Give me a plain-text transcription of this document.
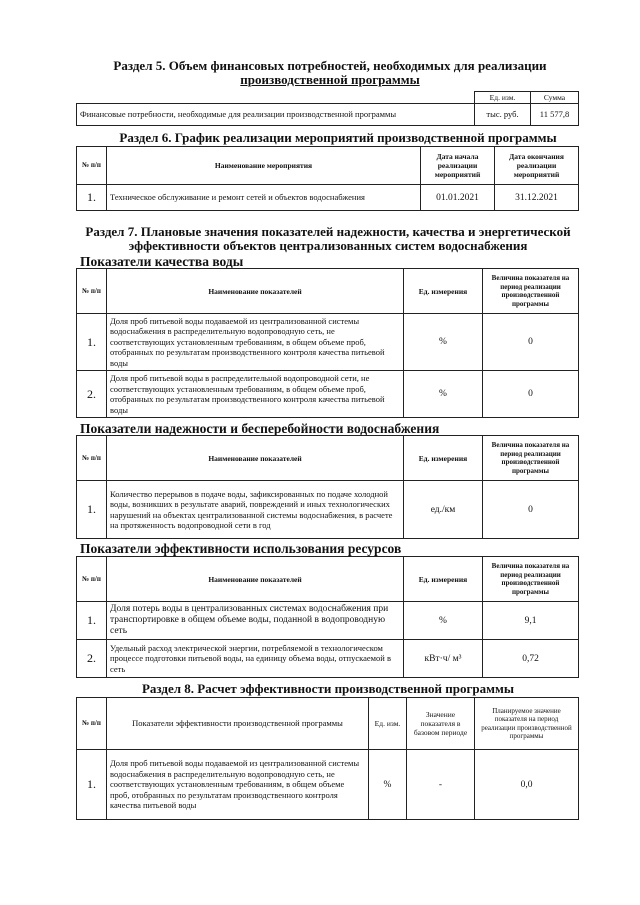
Раздел 5. Объем финансовых потребностей, необходимых для реализации
производственной программы
	Ед. изм.	Сумма
Финансовые потребности, необходимые для реализации производственной программы	тыс. руб.	11 577,8
Раздел 6. График реализации мероприятий производственной программы
№ п/п	Наименование мероприятия	Дата начала реализации мероприятий	Дата окончания реализации мероприятий
1.	Техническое обслуживание и ремонт сетей и объектов водоснабжения	01.01.2021	31.12.2021
Раздел 7. Плановые значения показателей надежности, качества и энергетической
эффективности объектов централизованных систем водоснабжения
Показатели качества воды
№ п/п	Наименование показателей	Ед. измерения	Величина показателя на период реализации производственной программы
1.	Доля проб питьевой воды подаваемой из централизованной системы водоснабжения в распределительную водопроводную сеть, не соответствующих установленным требованиям, в общем объеме проб, отобранных по результатам производственного контроля качества питьевой воды	%	0
2.	Доля проб питьевой воды в распределительной водопроводной сети, не соответствующих установленным требованиям, в общем объеме проб, отобранных по результатам производственного контроля качества питьевой воды	%	0
Показатели надежности и бесперебойности водоснабжения
№ п/п	Наименование показателей	Ед. измерения	Величина показателя на период реализации производственной программы
1.	Количество перерывов в подаче воды, зафиксированных по подаче холодной воды, возникших в результате аварий, повреждений и иных технологических нарушений на объектах централизованной системы водоснабжения, в расчете на протяженность водопроводной сети в год	ед./км	0
Показатели эффективности использования ресурсов
№ п/п	Наименование показателей	Ед. измерения	Величина показателя на период реализации производственной программы
1.	Доля потерь воды в централизованных системах водоснабжения при транспортировке в общем объеме воды, поданной в водопроводную сеть	%	9,1
2.	Удельный расход электрической энергии, потребляемой в технологическом процессе подготовки питьевой воды, на единицу объема воды, отпускаемой в сеть	кВт·ч/ м³	0,72
Раздел 8. Расчет эффективности производственной программы
№ п/п	Показатели эффективности производственной программы	Ед. изм.	Значение показателя в базовом периоде	Планируемое значение показателя на период реализации производственной программы
1.	Доля проб питьевой воды подаваемой из централизованной системы водоснабжения в распределительную водопроводную сеть, не соответствующих установленным требованиям, в общем объеме проб, отобранных по результатам производственного контроля качества питьевой воды	%	-	0,0
